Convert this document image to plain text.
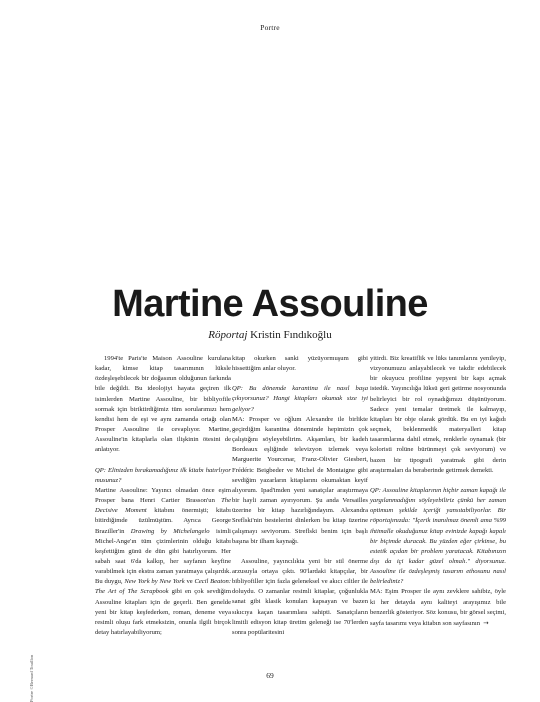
Portre
Martine Assouline
Röportaj Kristin Fındıkoğlu

1994'te Paris'te Maison Assouline kurulana kadar, kimse kitap tasarımının lüksle özdeşleşebilecek bir doğasının olduğunun farkında bile değildi. Bu ideolojiyi hayata geçiren ilk isimlerden Martine Assouline, bir bibliyofile sormak için biriktirdiğimiz tüm sorularımızı hem kendisi hem de eşi ve aynı zamanda ortağı olan Prosper Assouline ile cevaplıyor. Martine, Assouline'in kitaplarla olan ilişkinin ötesini de anlatıyor.

QP: Elinizden bırakamadığınız ilk kitabı hatırlıyor musunuz?

Martine Assouline: Yayıncı olmadan önce eşim Prosper bana Henri Cartier Brasson'un The Decisive Moment kitabını önermişti; kitabı bitirdiğimde üzülmüştüm. Ayrıca George Braziller'in Drawing by Michelangelo isimli Michel-Ange'ın tüm çizimlerinin olduğu kitabı keşfettiğim günü de dün gibi hatırlıyorum. Her sabah saat 6'da kalkıp, her sayfanın keyfine varabilmek için ekstra zaman yaratmaya çalışırdık. Bu duygu, New York by New York ve Cecil Beaton: The Art of The Scrapbook gibi en çok sevdiğim Assouline kitapları için de geçerli. Ben genelde yeni bir kitap keşfederken, roman, deneme veya resimli oluşu fark etmeksizin, onunla ilgili birçok detay hatırlayabiliyorum;

kitap okurken sanki yüzüyormuşum gibi hissettiğim anlar oluyor.

QP: Bu dönemde karantina ile nasıl başa çıkıyorsunuz? Hangi kitapları okumak size iyi geliyor?

MA: Prosper ve oğlum Alexandre ile birlikte geçirdiğim karantina döneminde hepimizin çok çalıştığını söyleyebilirim. Akşamları, bir kadeh Bordeaux eşliğinde televizyon izlemek veya Marguerite Yourcenar, Franz-Olivier Giesbert, Frédéric Beigbeder ve Michel de Montaigne gibi sevdiğim yazarların kitaplarını okumaktan keyif alıyorum. Ipad'imden yeni sanatçılar araştırmaya bir hayli zaman ayırıyorum. Şu anda Versailles üzerine bir kitap hazırlığındayım. Alexandra Sreflski'nin bestelerini dinlerken bu kitap üzerine çalışmayı seviyorum. Streflski benim için başlı başına bir ilham kaynağı.

Assouline, yayıncılıkta yeni bir stil önerme arzusuyla ortaya çıktı. 90'lardaki kitapçılar, bir bibliyofiller için fazla geleneksel ve akıcı ciltler ile doluydu. O zamanlar resimli kitaplar, çoğunlukla sanat gibi klasik konuları kapsayan ve bazen sıkıcıya kaçan tasarımlara sahipti. Sanatçıların limitli edisyon kitap üretim geleneği ise 70'lerden sonra popülaritesini

yitirdi. Biz kreatiflik ve lüks tanımlarını yenileyip, vizyonumuzu anlayabilecek ve takdir edebilecek bir okuyucu profiline yepyeni bir kapı açmak istedik. Yayıncılığa lüksü geri getirme nosyonunda belirleyici bir rol oynadığımızı düşünüyorum. Sadece yeni temalar üretmek ile kalmayıp, kitapları bir obje olarak gördük. Bu en iyi kağıdı seçmek, beklenmedik materyalleri kitap tasarımlarına dahil etmek, renklerle oynamak (bir koloristi rolüne bürünmeyi çok seviyorum) ve bazen bir tipografi yaratmak gibi derin araştırmaları da beraberinde getirmek demekti.

QP: Assouline kitaplarının hiçbir zaman kapağı ile yargılanmadığını söyleyebiliriz çünkü her zaman optimum şekilde içeriği yansıtabiliyorlar. Bir röportajınızda: "İçerik inanılmaz önemli ama %99 ihtimalle okuduğunuz kitap evinizde kapağı kapalı bir biçimde duracak. Bu yüzden eğer çirkinse, bu estetik açıdan bir problem yaratacak. Kitabınızın dışı da içi kadar güzel olmalı." diyorsunuz. Assouline ile özdeşleşmiş tasarım ethosunu nasıl belirlediniz?

MA: Eşim Prosper ile aynı zevklere sahibiz, öyle ki her detayda aynı kaliteyi arayışımız bile benzerlik gösteriyor. Söz konusu, bir görsel seçimi, sayfa tasarımı veya kitabın son sayfasının →

Portre ©Bernard Touillon	69
